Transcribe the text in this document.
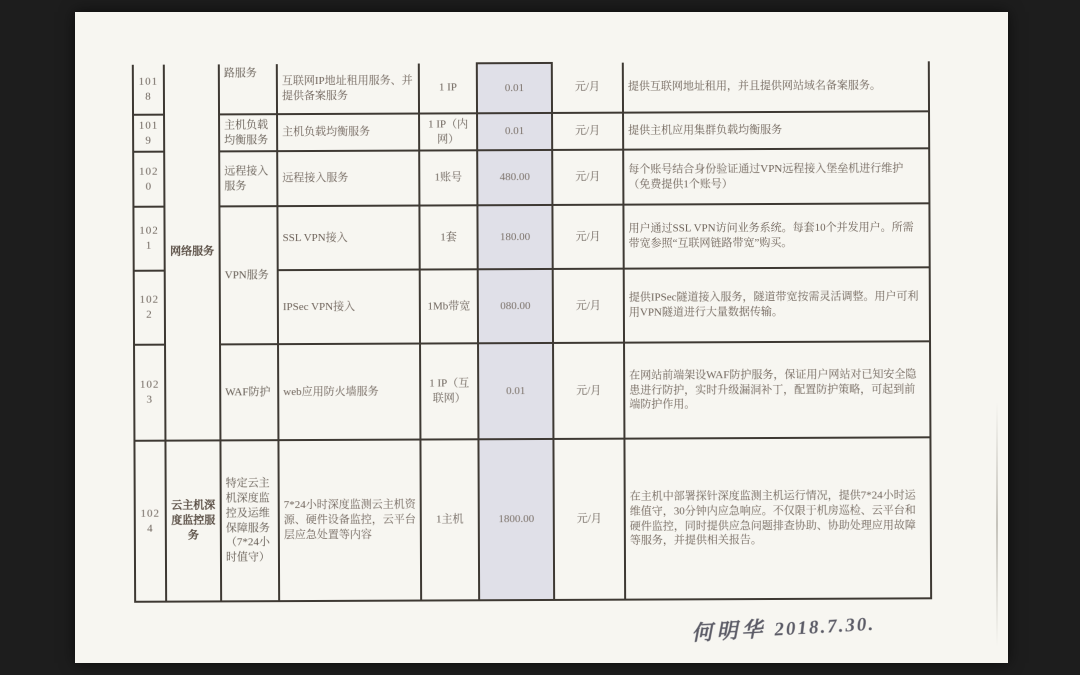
1018	网络服务	路服务	互联网IP地址租用服务、并提供备案服务	1 IP	0.01	元/月	提供互联网地址租用，并且提供网站域名备案服务。
1019		主机负载均衡服务	主机负载均衡服务	1 IP（内网）	0.01	元/月	提供主机应用集群负载均衡服务
1020		远程接入服务	远程接入服务	1账号	480.00	元/月	每个账号结合身份验证通过VPN远程接入堡垒机进行维护（免费提供1个账号）
1021		VPN服务	SSL VPN接入	1套	180.00	元/月	用户通过SSL VPN访问业务系统。每套10个并发用户。所需带宽参照“互联网链路带宽”购买。
1022			IPSec VPN接入	1Mb带宽	080.00	元/月	提供IPSec隧道接入服务，隧道带宽按需灵活调整。用户可利用VPN隧道进行大量数据传输。
1023		WAF防护	web应用防火墙服务	1 IP（互联网）	0.01	元/月	在网站前端架设WAF防护服务，保证用户网站对已知安全隐患进行防护，实时升级漏洞补丁，配置防护策略，可起到前端防护作用。
1024	云主机深度监控服务	特定云主机深度监控及运维保障服务（7*24小时值守）	7*24小时深度监测云主机资源、硬件设备监控，云平台层应急处置等内容	1主机	1800.00	元/月	在主机中部署探针深度监测主机运行情况，提供7*24小时运维值守，30分钟内应急响应。不仅限于机房巡检、云平台和硬件监控，同时提供应急问题排查协助、协助处理应用故障等服务，并提供相关报告。
何明华 2018.7.30.
